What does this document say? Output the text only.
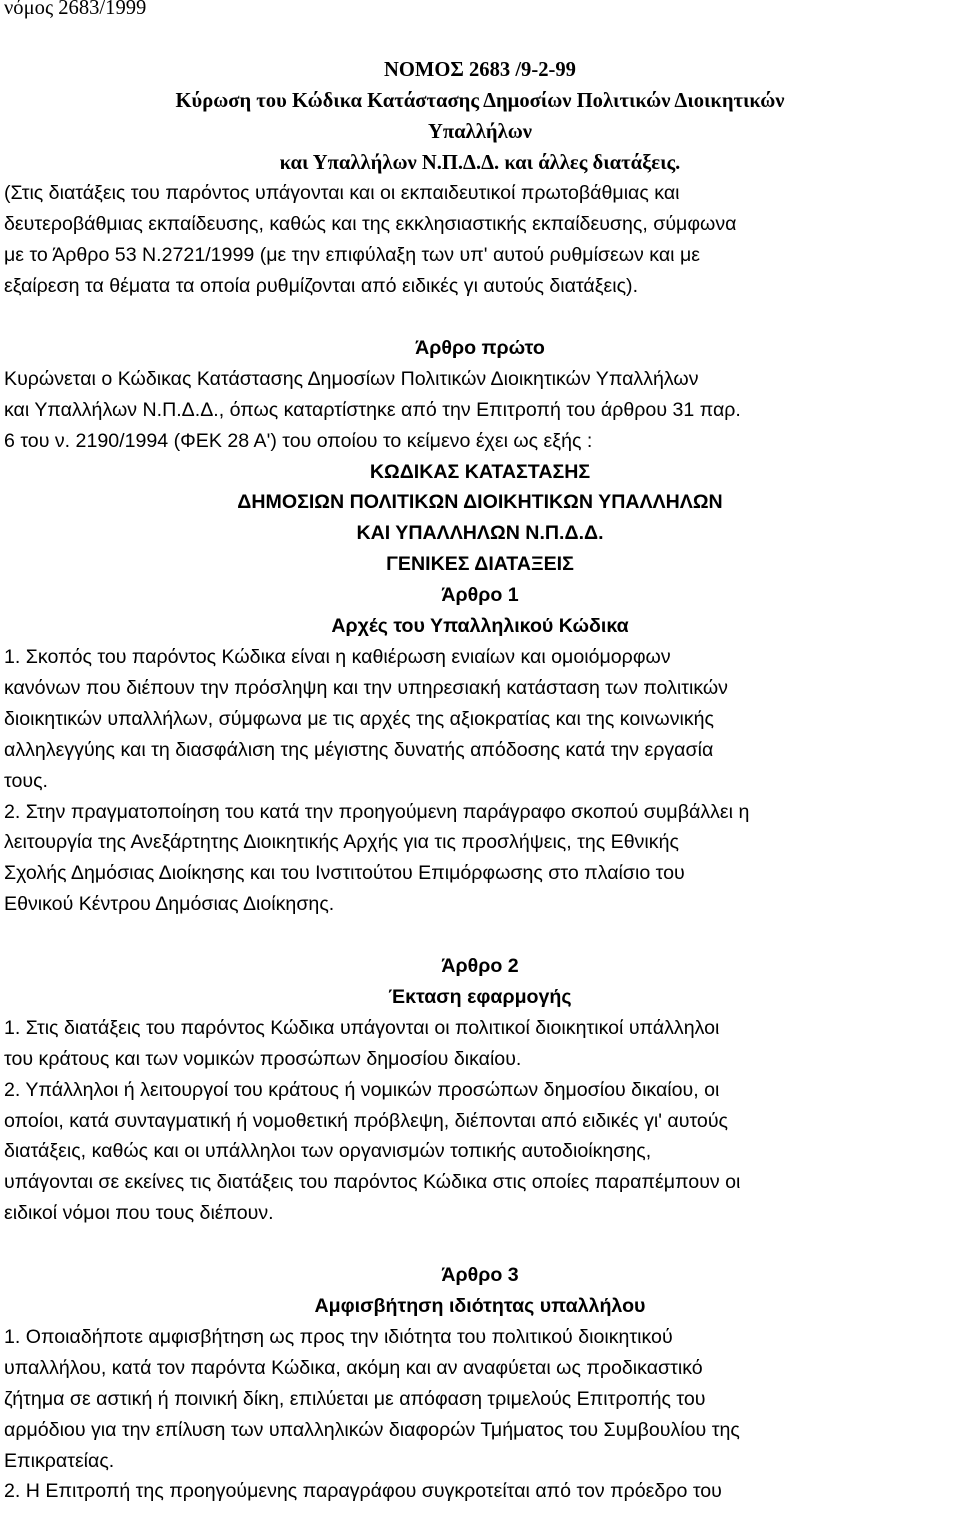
νόμος 2683/1999
ΝΟΜΟΣ 2683 /9-2-99
Κύρωση του Κώδικα Κατάστασης Δημοσίων Πολιτικών Διοικητικών
Υπαλλήλων
και Υπαλλήλων Ν.Π.Δ.Δ. και άλλες διατάξεις.
(Στις διατάξεις του παρόντος υπάγονται και οι εκπαιδευτικοί πρωτοβάθμιας και
δευτεροβάθμιας εκπαίδευσης, καθώς και της εκκλησιαστικής εκπαίδευσης, σύμφωνα
με το Άρθρο 53 Ν.2721/1999 (με την επιφύλαξη των υπ' αυτού ρυθμίσεων και με
εξαίρεση τα θέματα τα οποία ρυθμίζονται από ειδικές γι αυτούς διατάξεις).
Άρθρο πρώτο
Κυρώνεται ο Κώδικας Κατάστασης Δημοσίων Πολιτικών Διοικητικών Υπαλλήλων
και Υπαλλήλων Ν.Π.Δ.Δ., όπως καταρτίστηκε από την Επιτροπή του άρθρου 31 παρ.
6 του ν. 2190/1994 (ΦΕΚ 28 Α') του οποίου το κείμενο έχει ως εξής :
ΚΩΔΙΚΑΣ ΚΑΤΑΣΤΑΣΗΣ
ΔΗΜΟΣΙΩΝ ΠΟΛΙΤΙΚΩΝ ΔΙΟΙΚΗΤΙΚΩΝ ΥΠΑΛΛΗΛΩΝ
ΚΑΙ ΥΠΑΛΛΗΛΩΝ Ν.Π.Δ.Δ.
ΓΕΝΙΚΕΣ ΔΙΑΤΑΞΕΙΣ
Άρθρο 1
Αρχές του Υπαλληλικού Κώδικα
1. Σκοπός του παρόντος Κώδικα είναι η καθιέρωση ενιαίων και ομοιόμορφων
κανόνων που διέπουν την πρόσληψη και την υπηρεσιακή κατάσταση των πολιτικών
διοικητικών υπαλλήλων, σύμφωνα με τις αρχές της αξιοκρατίας και της κοινωνικής
αλληλεγγύης και τη διασφάλιση της μέγιστης δυνατής απόδοσης κατά την εργασία
τους.
2. Στην πραγματοποίηση του κατά την προηγούμενη παράγραφο σκοπού συμβάλλει η
λειτουργία της Ανεξάρτητης Διοικητικής Αρχής για τις προσλήψεις, της Εθνικής
Σχολής Δημόσιας Διοίκησης και του Ινστιτούτου Επιμόρφωσης στο πλαίσιο του
Εθνικού Κέντρου Δημόσιας Διοίκησης.
Άρθρο 2
Έκταση εφαρμογής
1. Στις διατάξεις του παρόντος Κώδικα υπάγονται οι πολιτικοί διοικητικοί υπάλληλοι
του κράτους και των νομικών προσώπων δημοσίου δικαίου.
2. Υπάλληλοι ή λειτουργοί του κράτους ή νομικών προσώπων δημοσίου δικαίου, οι
οποίοι, κατά συνταγματική ή νομοθετική πρόβλεψη, διέπονται από ειδικές γι' αυτούς
διατάξεις, καθώς και οι υπάλληλοι των οργανισμών τοπικής αυτοδιοίκησης,
υπάγονται σε εκείνες τις διατάξεις του παρόντος Κώδικα στις οποίες παραπέμπουν οι
ειδικοί νόμοι που τους διέπουν.
Άρθρο 3
Αμφισβήτηση ιδιότητας υπαλλήλου
1. Οποιαδήποτε αμφισβήτηση ως προς την ιδιότητα του πολιτικού διοικητικού
υπαλλήλου, κατά τον παρόντα Κώδικα, ακόμη και αν αναφύεται ως προδικαστικό
ζήτημα σε αστική ή ποινική δίκη, επιλύεται με απόφαση τριμελούς Επιτροπής του
αρμόδιου για την επίλυση των υπαλληλικών διαφορών Τμήματος του Συμβουλίου της
Επικρατείας.
2. Η Επιτροπή της προηγούμενης παραγράφου συγκροτείται από τον πρόεδρο του
